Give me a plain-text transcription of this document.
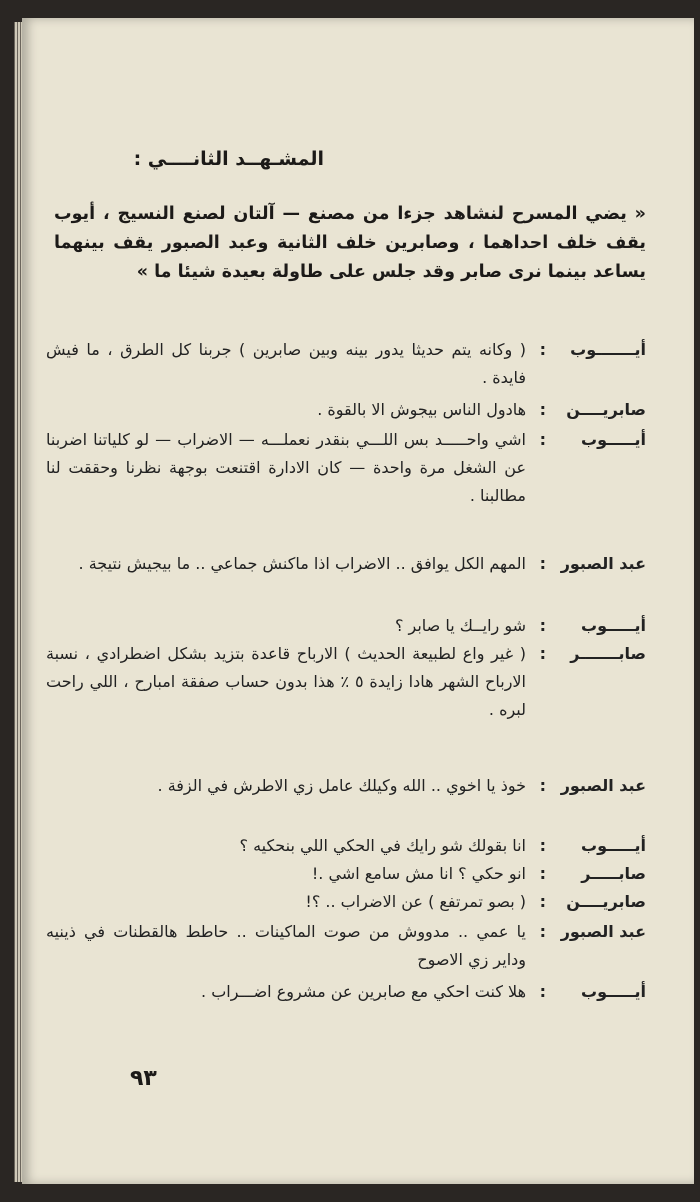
المشـهــد الثانــــي :
« يضي المسرح لنشاهد جزءا من مصنع — آلتان لصنع النسيج ، أيوب يقف خلف احداهما ، وصابرين خلف الثانية وعبد الصبور يقف بينهما يساعد بينما نرى صابر وقد جلس على طاولة بعيدة شيئا ما »
أيـــــــوب
:
( وكانه يتم حديثا يدور بينه وبين صابرين ) جربنا كل الطرق ، ما فيش فايدة .
صابريــــن
:
هادول الناس بيجوش الا بالقوة .
أيـــــوب
:
اشي واحـــــد بس اللـــي بنقدر نعملـــه — الاضراب — لو كلياتنا اضربنا عن الشغل مرة واحدة — كان الادارة اقتنعت بوجهة نظرنا وحققت لنا مطالبنا .
عبد الصبور
:
المهم الكل يوافق .. الاضراب اذا ماكنش جماعي .. ما بيجيش نتيجة .
أيـــــوب
:
شو رايــك يا صابر ؟
صابـــــــر
:
( غير واع لطبيعة الحديث ) الارباح قاعدة بتزيد بشكل اضطرادي ، نسبة الارباح الشهر هادا زايدة ٥ ٪ هذا بدون حساب صفقة امبارح ، اللي راحت لبره .
عبد الصبور
:
خوذ يا اخوي .. الله وكيلك عامل زي الاطرش في الزفة .
أيـــــوب
:
انا بقولك شو رايك في الحكي اللي بنحكيه ؟
صابـــــر
:
انو حكي ؟ انا مش سامع اشي .!
صابريــــن
:
( بصو تمرتفع ) عن الاضراب .. ؟!
عبد الصبور
:
يا عمي .. مدووش من صوت الماكينات .. حاطط هالقطنات في ذينيه وداير زي الاصوح
أيـــــوب
:
هلا كنت احكي مع صابرين عن مشروع اضـــراب .
٩٣
